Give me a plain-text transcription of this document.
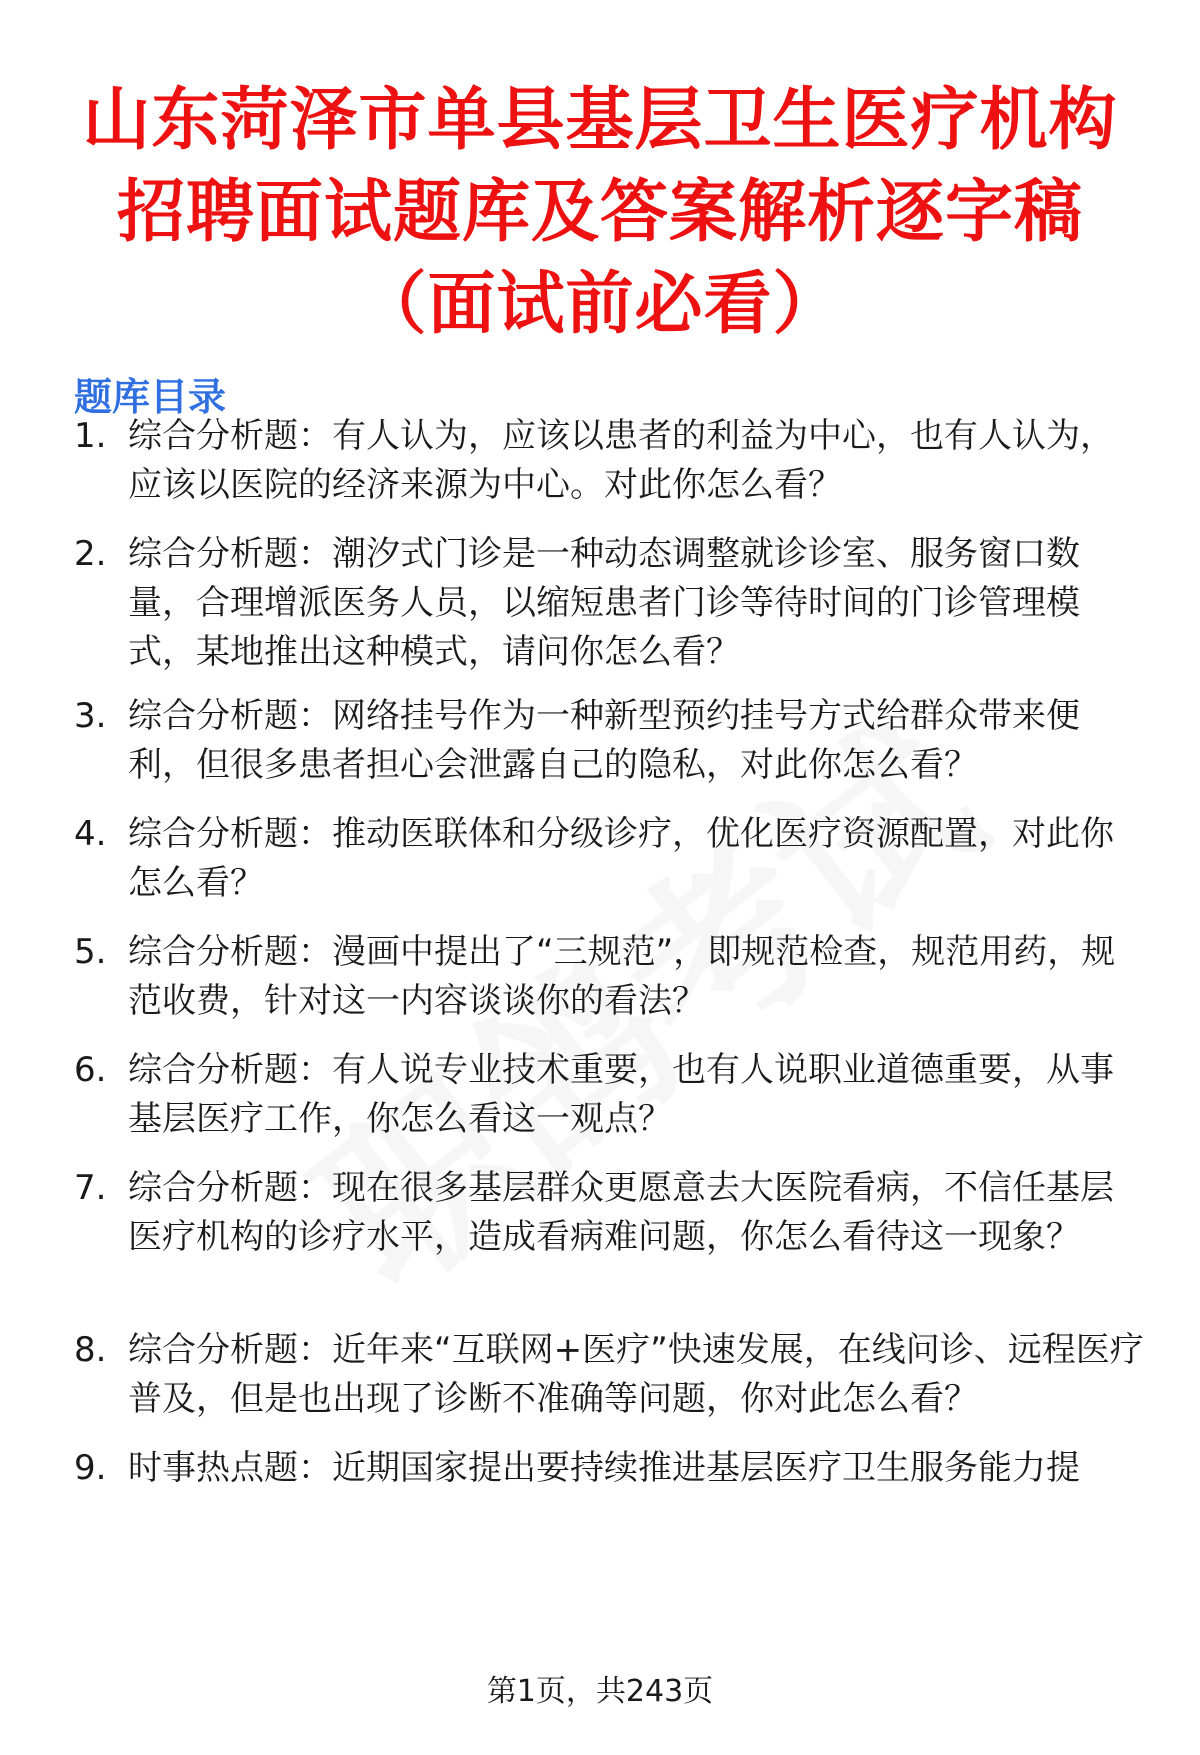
山东菏泽市单县基层卫生医疗机构
招聘面试题库及答案解析逐字稿
（面试前必看）
题库目录
1. 综合分析题：有人认为，应该以患者的利益为中心，也有人认为，应该以医院的经济来源为中心。对此你怎么看？
2. 综合分析题：潮汐式门诊是一种动态调整就诊诊室、服务窗口数量，合理增派医务人员，以缩短患者门诊等待时间的门诊管理模式，某地推出这种模式，请问你怎么看？
3. 综合分析题：网络挂号作为一种新型预约挂号方式给群众带来便利，但很多患者担心会泄露自己的隐私，对此你怎么看？
4. 综合分析题：推动医联体和分级诊疗，优化医疗资源配置，对此你怎么看？
5. 综合分析题：漫画中提出了“三规范”，即规范检查，规范用药，规范收费，针对这一内容谈谈你的看法？
6. 综合分析题：有人说专业技术重要，也有人说职业道德重要，从事基层医疗工作，你怎么看这一观点？
7. 综合分析题：现在很多基层群众更愿意去大医院看病，不信任基层医疗机构的诊疗水平，造成看病难问题，你怎么看待这一现象？
8. 综合分析题：近年来“互联网+医疗”快速发展，在线问诊、远程医疗普及，但是也出现了诊断不准确等问题，你对此怎么看？
9. 时事热点题：近期国家提出要持续推进基层医疗卫生服务能力提
第1页，共243页
